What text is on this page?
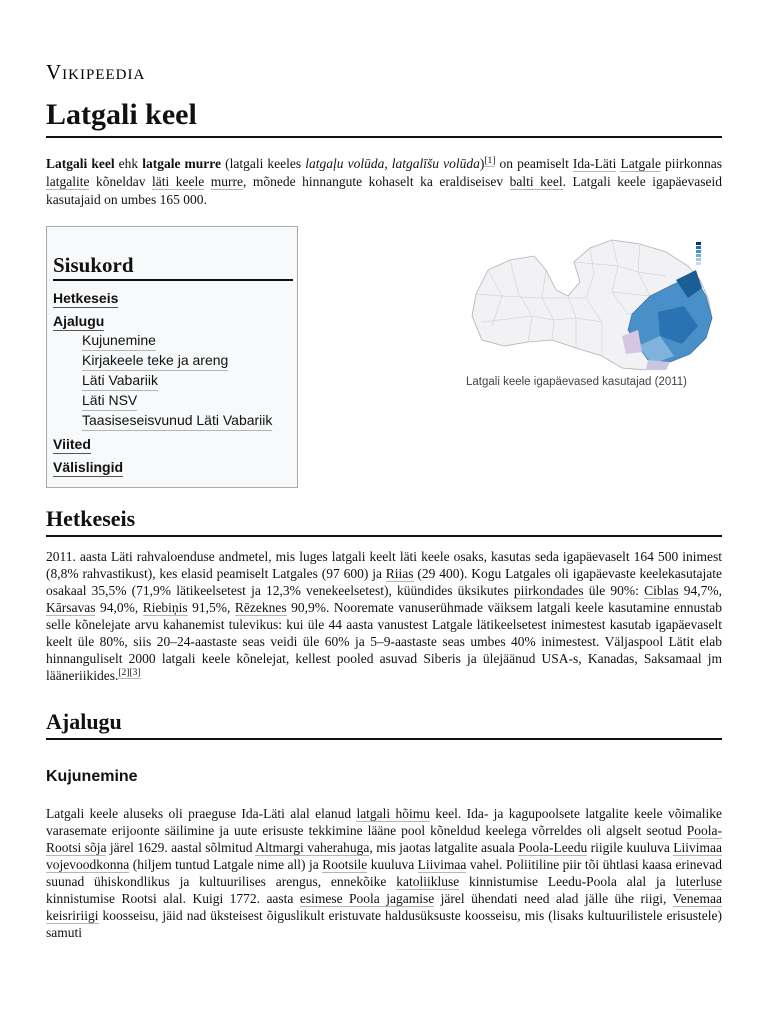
Vikipeedia
Latgali keel

Latgali keel ehk latgale murre (latgali keeles latgaļu volūda, latgalīšu volūda)[1] on peamiselt Ida-Läti Latgale piirkonnas latgalite kõneldav läti keele murre, mõnede hinnangute kohaselt ka eraldiseisev balti keel. Latgali keele igapäevaseid kasutajaid on umbes 165 000.

Sisukord
Hetkeseis
Ajalugu
Kujunemine
Kirjakeele teke ja areng
Läti Vabariik
Läti NSV
Taasiseseisvunud Läti Vabariik
Viited
Välislingid
Latgali keele igapäevased kasutajad (2011)
Hetkeseis

2011. aasta Läti rahvaloenduse andmetel, mis luges latgali keelt läti keele osaks, kasutas seda igapäevaselt 164 500 inimest (8,8% rahvastikust), kes elasid peamiselt Latgales (97 600) ja Riias (29 400). Kogu Latgales oli igapäevaste keelekasutajate osakaal 35,5% (71,9% lätikeelsetest ja 12,3% venekeelsetest), küündides üksikutes piirkondades üle 90%: Ciblas 94,7%, Kārsavas 94,0%, Riebiņis 91,5%, Rēzeknes 90,9%. Nooremate vanuserühmade väiksem latgali keele kasutamine ennustab selle kõnelejate arvu kahanemist tulevikus: kui üle 44 aasta vanustest Latgale lätikeelsetest inimestest kasutab igapäevaselt keelt üle 80%, siis 20–24-aastaste seas veidi üle 60% ja 5–9-aastaste seas umbes 40% inimestest. Väljaspool Lätit elab hinnanguliselt 2000 latgali keele kõnelejat, kellest pooled asuvad Siberis ja ülejäänud USA-s, Kanadas, Saksamaal jm lääneriikides.[2][3]

Ajalugu
Kujunemine

Latgali keele aluseks oli praeguse Ida-Läti alal elanud latgali hõimu keel. Ida- ja kagupoolsete latgalite keele võimalike varasemate erijoonte säilimine ja uute erisuste tekkimine lääne pool kõneldud keelega võrreldes oli algselt seotud Poola-Rootsi sõja järel 1629. aastal sõlmitud Altmargi vaherahuga, mis jaotas latgalite asuala Poola-Leedu riigile kuuluva Liivimaa vojevoodkonna (hiljem tuntud Latgale nime all) ja Rootsile kuuluva Liivimaa vahel. Poliitiline piir tõi ühtlasi kaasa erinevad suunad ühiskondlikus ja kultuurilises arengus, ennekõike katoliikluse kinnistumise Leedu-Poola alal ja luterluse kinnistumise Rootsi alal. Kuigi 1772. aasta esimese Poola jagamise järel ühendati need alad jälle ühe riigi, Venemaa keisririigi koosseisu, jäid nad üksteisest õiguslikult eristuvate haldusüksuste koosseisu, mis (lisaks kultuurilistele erisustele) samuti
